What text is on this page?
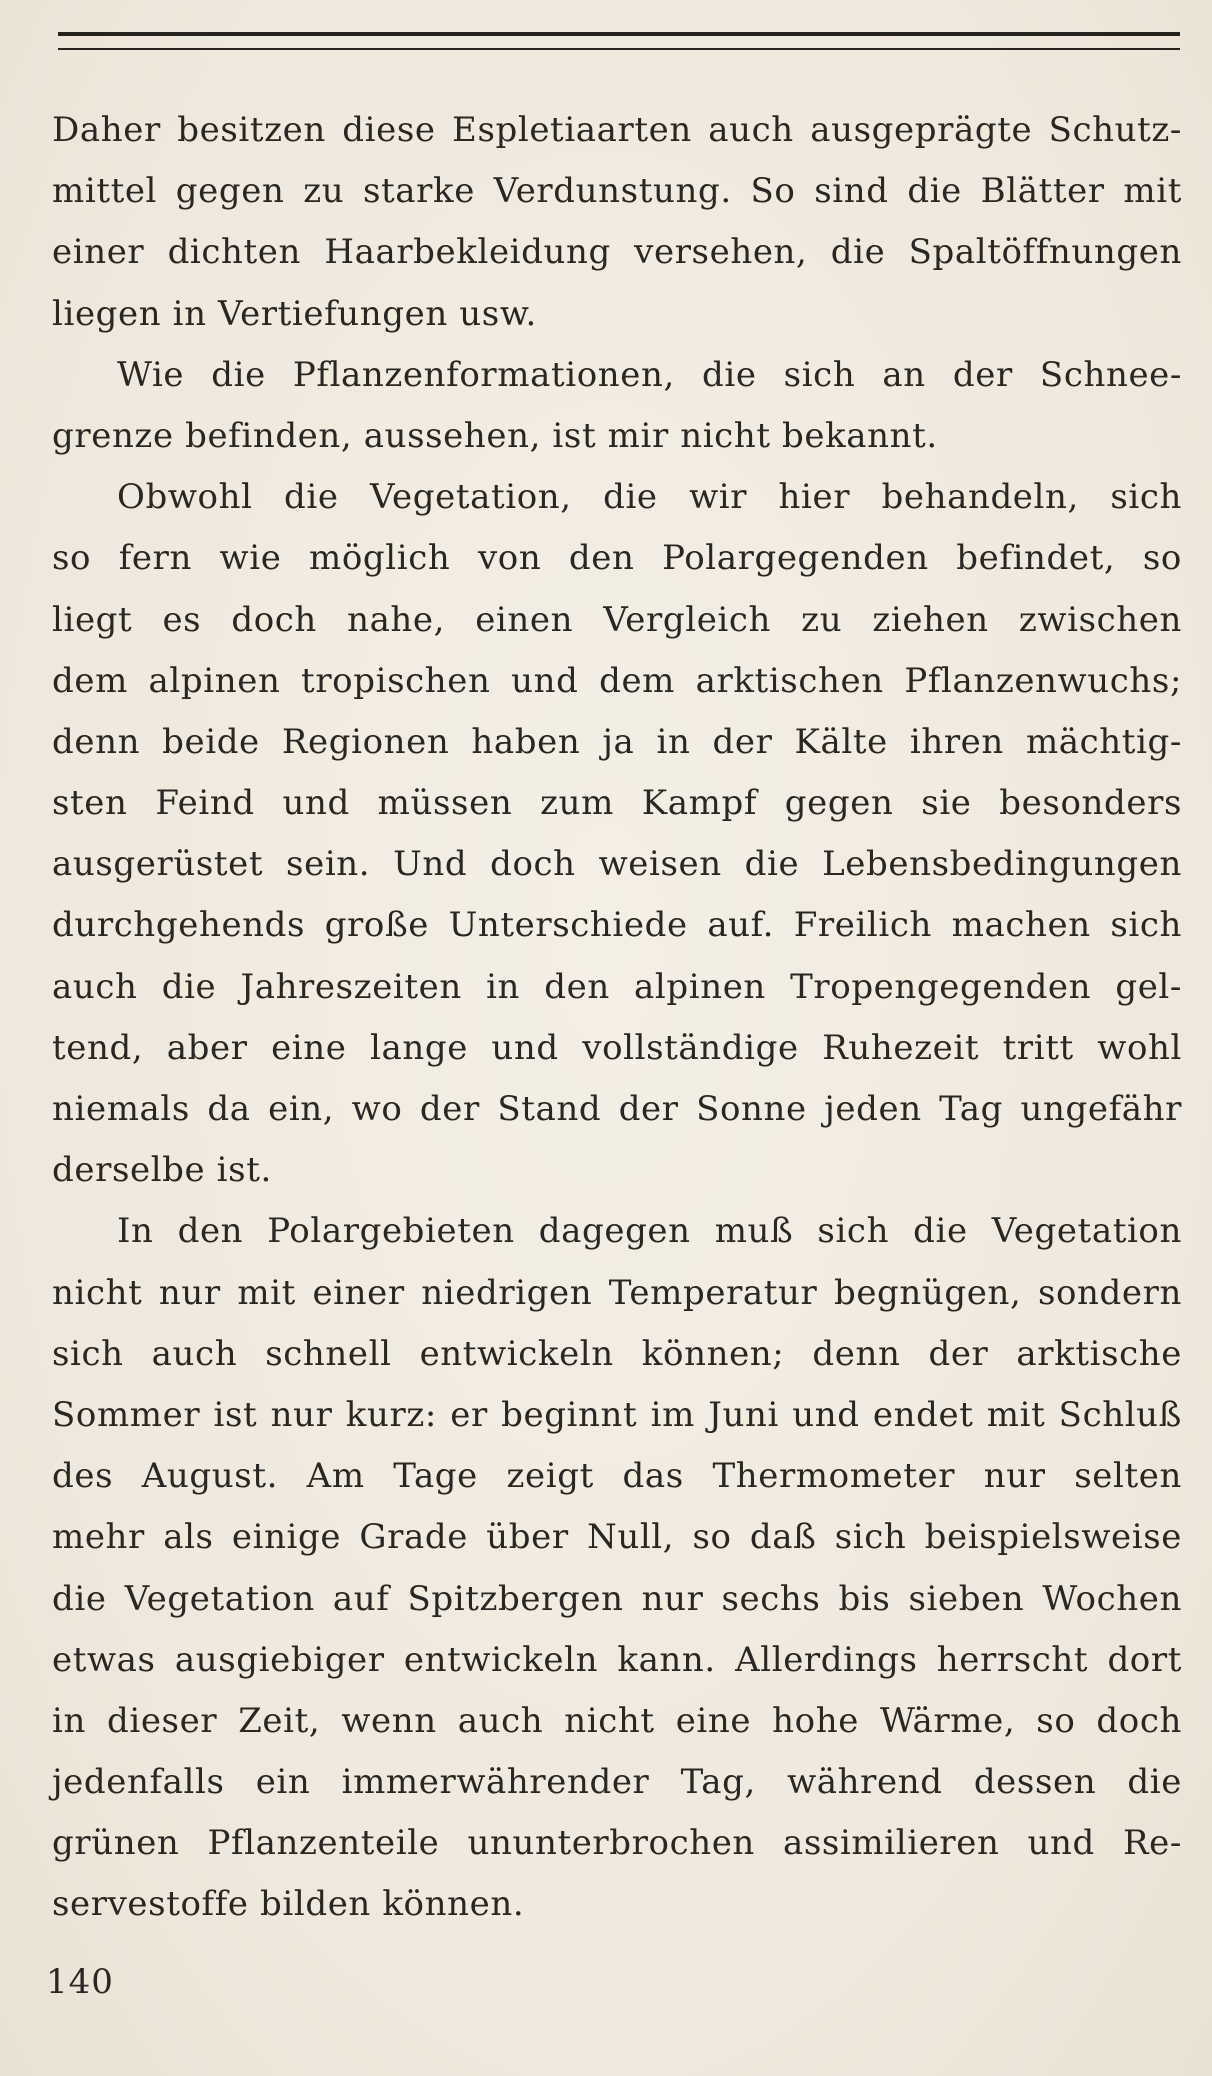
Daher besitzen diese Espletiaarten auch ausgeprägte Schutz-
mittel gegen zu starke Verdunstung. So sind die Blätter mit
einer dichten Haarbekleidung versehen, die Spaltöffnungen
liegen in Vertiefungen usw.
Wie die Pflanzenformationen, die sich an der Schnee-
grenze befinden, aussehen, ist mir nicht bekannt.
Obwohl die Vegetation, die wir hier behandeln, sich
so fern wie möglich von den Polargegenden befindet, so
liegt es doch nahe, einen Vergleich zu ziehen zwischen
dem alpinen tropischen und dem arktischen Pflanzenwuchs;
denn beide Regionen haben ja in der Kälte ihren mächtig-
sten Feind und müssen zum Kampf gegen sie besonders
ausgerüstet sein. Und doch weisen die Lebensbedingungen
durchgehends große Unterschiede auf. Freilich machen sich
auch die Jahreszeiten in den alpinen Tropengegenden gel-
tend, aber eine lange und vollständige Ruhezeit tritt wohl
niemals da ein, wo der Stand der Sonne jeden Tag ungefähr
derselbe ist.
In den Polargebieten dagegen muß sich die Vegetation
nicht nur mit einer niedrigen Temperatur begnügen, sondern
sich auch schnell entwickeln können; denn der arktische
Sommer ist nur kurz: er beginnt im Juni und endet mit Schluß
des August. Am Tage zeigt das Thermometer nur selten
mehr als einige Grade über Null, so daß sich beispielsweise
die Vegetation auf Spitzbergen nur sechs bis sieben Wochen
etwas ausgiebiger entwickeln kann. Allerdings herrscht dort
in dieser Zeit, wenn auch nicht eine hohe Wärme, so doch
jedenfalls ein immerwährender Tag, während dessen die
grünen Pflanzenteile ununterbrochen assimilieren und Re-
servestoffe bilden können.
140
